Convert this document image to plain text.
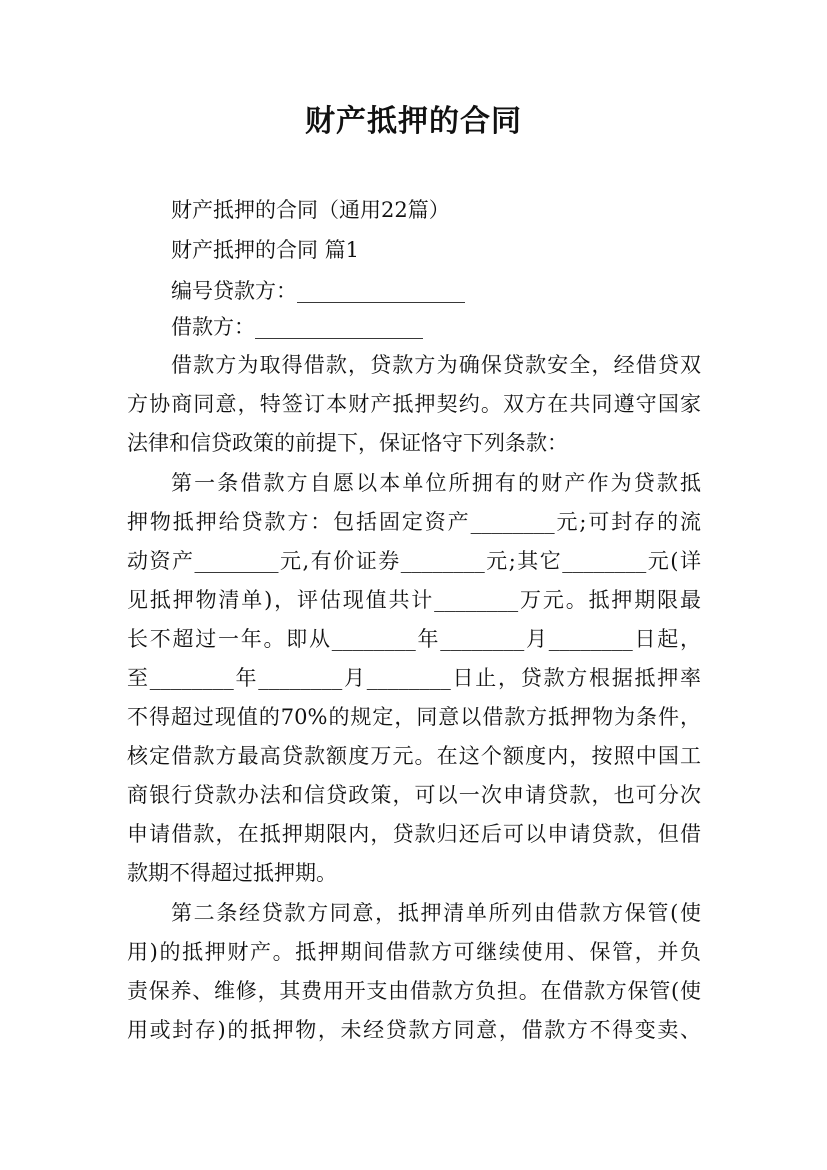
财产抵押的合同
财产抵押的合同（通用22篇）
财产抵押的合同 篇1
编号贷款方：________________
借款方：________________
借款方为取得借款，贷款方为确保贷款安全，经借贷双
方协商同意，特签订本财产抵押契约。双方在共同遵守国家
法律和信贷政策的前提下，保证恪守下列条款：
第一条借款方自愿以本单位所拥有的财产作为贷款抵
押物抵押给贷款方：包括固定资产________元;可封存的流
动资产________元,有价证券________元;其它________元(详
见抵押物清单)，评估现值共计________万元。抵押期限最
长不超过一年。即从________年________月________日起，
至________年________月________日止，贷款方根据抵押率
不得超过现值的70%的规定，同意以借款方抵押物为条件，
核定借款方最高贷款额度万元。在这个额度内，按照中国工
商银行贷款办法和信贷政策，可以一次申请贷款，也可分次
申请借款，在抵押期限内，贷款归还后可以申请贷款，但借
款期不得超过抵押期。
第二条经贷款方同意，抵押清单所列由借款方保管(使
用)的抵押财产。抵押期间借款方可继续使用、保管，并负
责保养、维修，其费用开支由借款方负担。在借款方保管(使
用或封存)的抵押物，未经贷款方同意，借款方不得变卖、
